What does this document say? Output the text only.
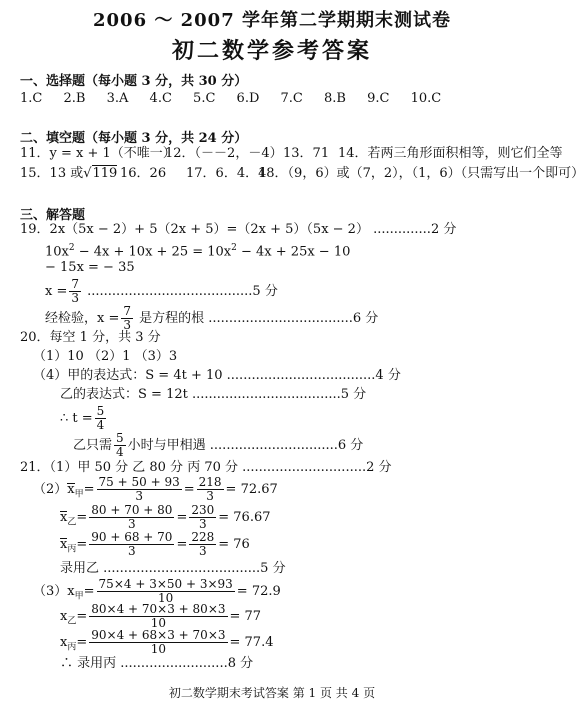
2006 ～ 2007 学年第二学期期末测试卷
初二数学参考答案
一、选择题（每小题 3 分，共 30 分）
1.C 2.B 3.A 4.C 5.C 6.D 7.C 8.B 9.C 10.C
二、填空题（每小题 3 分，共 24 分）
11．y = x + 1（不唯一）
12．（－－2，－4） 13．71 14．若两三角形面积相等，则它们全等
15．13 或√119 16．26 17．6．4．4
18．（9，6）或（7，2），（1，6）（只需写出一个即可）
三、解答题
19．2x（5x − 2）+ 5（2x + 5）=（2x + 5）（5x − 2） ..............2 分
$10x^2 - 4x + 10x + 25 = 10x^2 - 4x + 25x - 10$
− 15x = − 35
$x = \frac{7}{3} ........................................5$ 分
经检验，$x = \frac{7}{3}$ 是方程的根 ...................................6 分
20．每空 1 分，共 3 分
（1）10 （2）1 （3）3
（4）甲的表达式：S = 4t + 10 ....................................4 分
乙的表达式：S = 12t ....................................5 分
∴ $t = \frac{5}{4}$
乙只需 $\frac{5}{4}$ 小时与甲相遇 ...............................6 分
21．（1）甲 50 分 乙 80 分 丙 70 分 ..............................2 分
$(2)x_甲= \frac{75 + 50 + 93}{3} = \frac{218}{3} = 72.67$
$x_乙= \frac{80 + 70 + 80}{3} = \frac{230}{3} = 76.67$
$x_丙= \frac{90 + 68 + 70}{3} = \frac{228}{3} = 76$
录用乙 ......................................5 分
$(3)x_甲= \frac{75\times 4 + 3\times 50 + 3\times 93}{10} = 72.9$
$x_乙= \frac{80\times 4 + 70\times 3 + 80\times 3}{10} = 77$
$x_丙= \frac{90\times 4 + 68\times 3 + 70\times 3}{10} = 77.4$
∴ 录用丙 ..........................8 分
初二数学期末考试答案 第 1 页 共 4 页
